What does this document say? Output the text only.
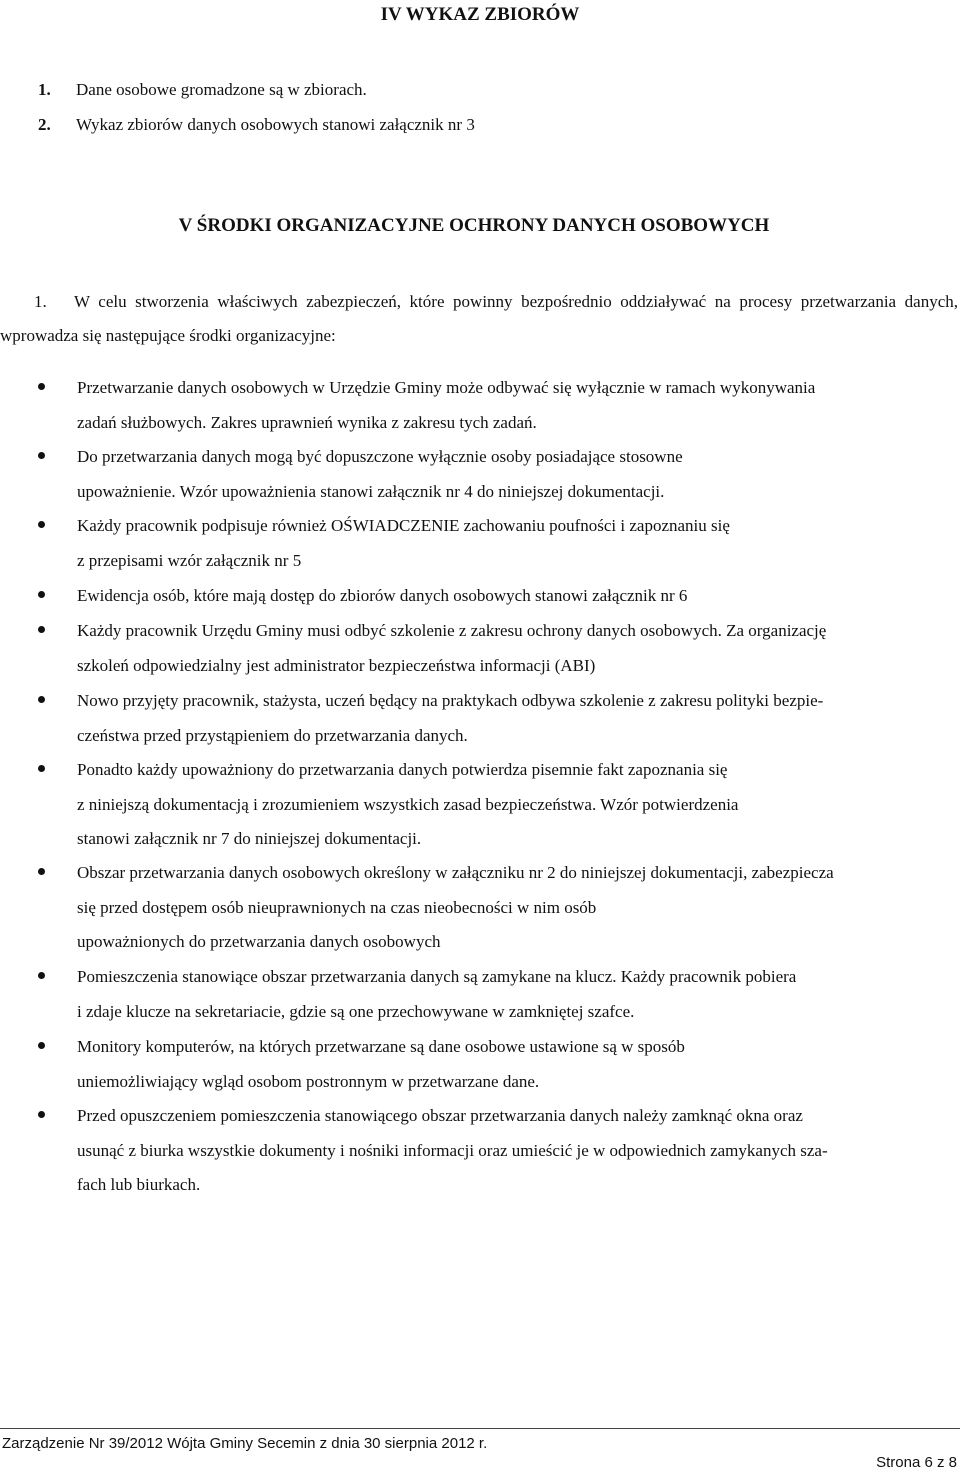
IV WYKAZ ZBIORÓW
1. Dane osobowe gromadzone są w zbiorach.
2. Wykaz zbiorów danych osobowych stanowi załącznik nr 3
V ŚRODKI ORGANIZACYJNE OCHRONY DANYCH OSOBOWYCH
1. W celu stworzenia właściwych zabezpieczeń, które powinny bezpośrednio oddziaływać na procesy przetwarzania danych, wprowadza się następujące środki organizacyjne:
Przetwarzanie danych osobowych w Urzędzie Gminy może odbywać się wyłącznie w ramach wykonywania
zadań służbowych. Zakres uprawnień wynika z zakresu tych zadań.
Do przetwarzania danych mogą być dopuszczone wyłącznie osoby posiadające stosowne
upoważnienie. Wzór upoważnienia stanowi załącznik nr 4 do niniejszej dokumentacji.
Każdy pracownik podpisuje również OŚWIADCZENIE zachowaniu poufności i zapoznaniu się
z przepisami wzór załącznik nr 5
Ewidencja osób, które mają dostęp do zbiorów danych osobowych stanowi załącznik nr 6
Każdy pracownik Urzędu Gminy musi odbyć szkolenie z zakresu ochrony danych osobowych. Za organizację
szkoleń odpowiedzialny jest administrator bezpieczeństwa informacji (ABI)
Nowo przyjęty pracownik, stażysta, uczeń będący na praktykach odbywa szkolenie z zakresu polityki bezpie-
czeństwa przed przystąpieniem do przetwarzania danych.
Ponadto każdy upoważniony do przetwarzania danych potwierdza pisemnie fakt zapoznania się
z niniejszą dokumentacją i zrozumieniem wszystkich zasad bezpieczeństwa. Wzór potwierdzenia
stanowi załącznik nr 7 do niniejszej dokumentacji.
Obszar przetwarzania danych osobowych określony w załączniku nr 2 do niniejszej dokumentacji, zabezpiecza
się przed dostępem osób nieuprawnionych na czas nieobecności w nim osób
upoważnionych do przetwarzania danych osobowych
Pomieszczenia stanowiące obszar przetwarzania danych są zamykane na klucz. Każdy pracownik pobiera
i zdaje klucze na sekretariacie, gdzie są one przechowywane w zamkniętej szafce.
Monitory komputerów, na których przetwarzane są dane osobowe ustawione są w sposób
uniemożliwiający wgląd osobom postronnym w przetwarzane dane.
Przed opuszczeniem pomieszczenia stanowiącego obszar przetwarzania danych należy zamknąć okna oraz
usunąć z biurka wszystkie dokumenty i nośniki informacji oraz umieścić je w odpowiednich zamykanych sza-
fach lub biurkach.
Zarządzenie Nr 39/2012 Wójta Gminy Secemin z dnia 30 sierpnia 2012 r.
Strona 6 z 8
